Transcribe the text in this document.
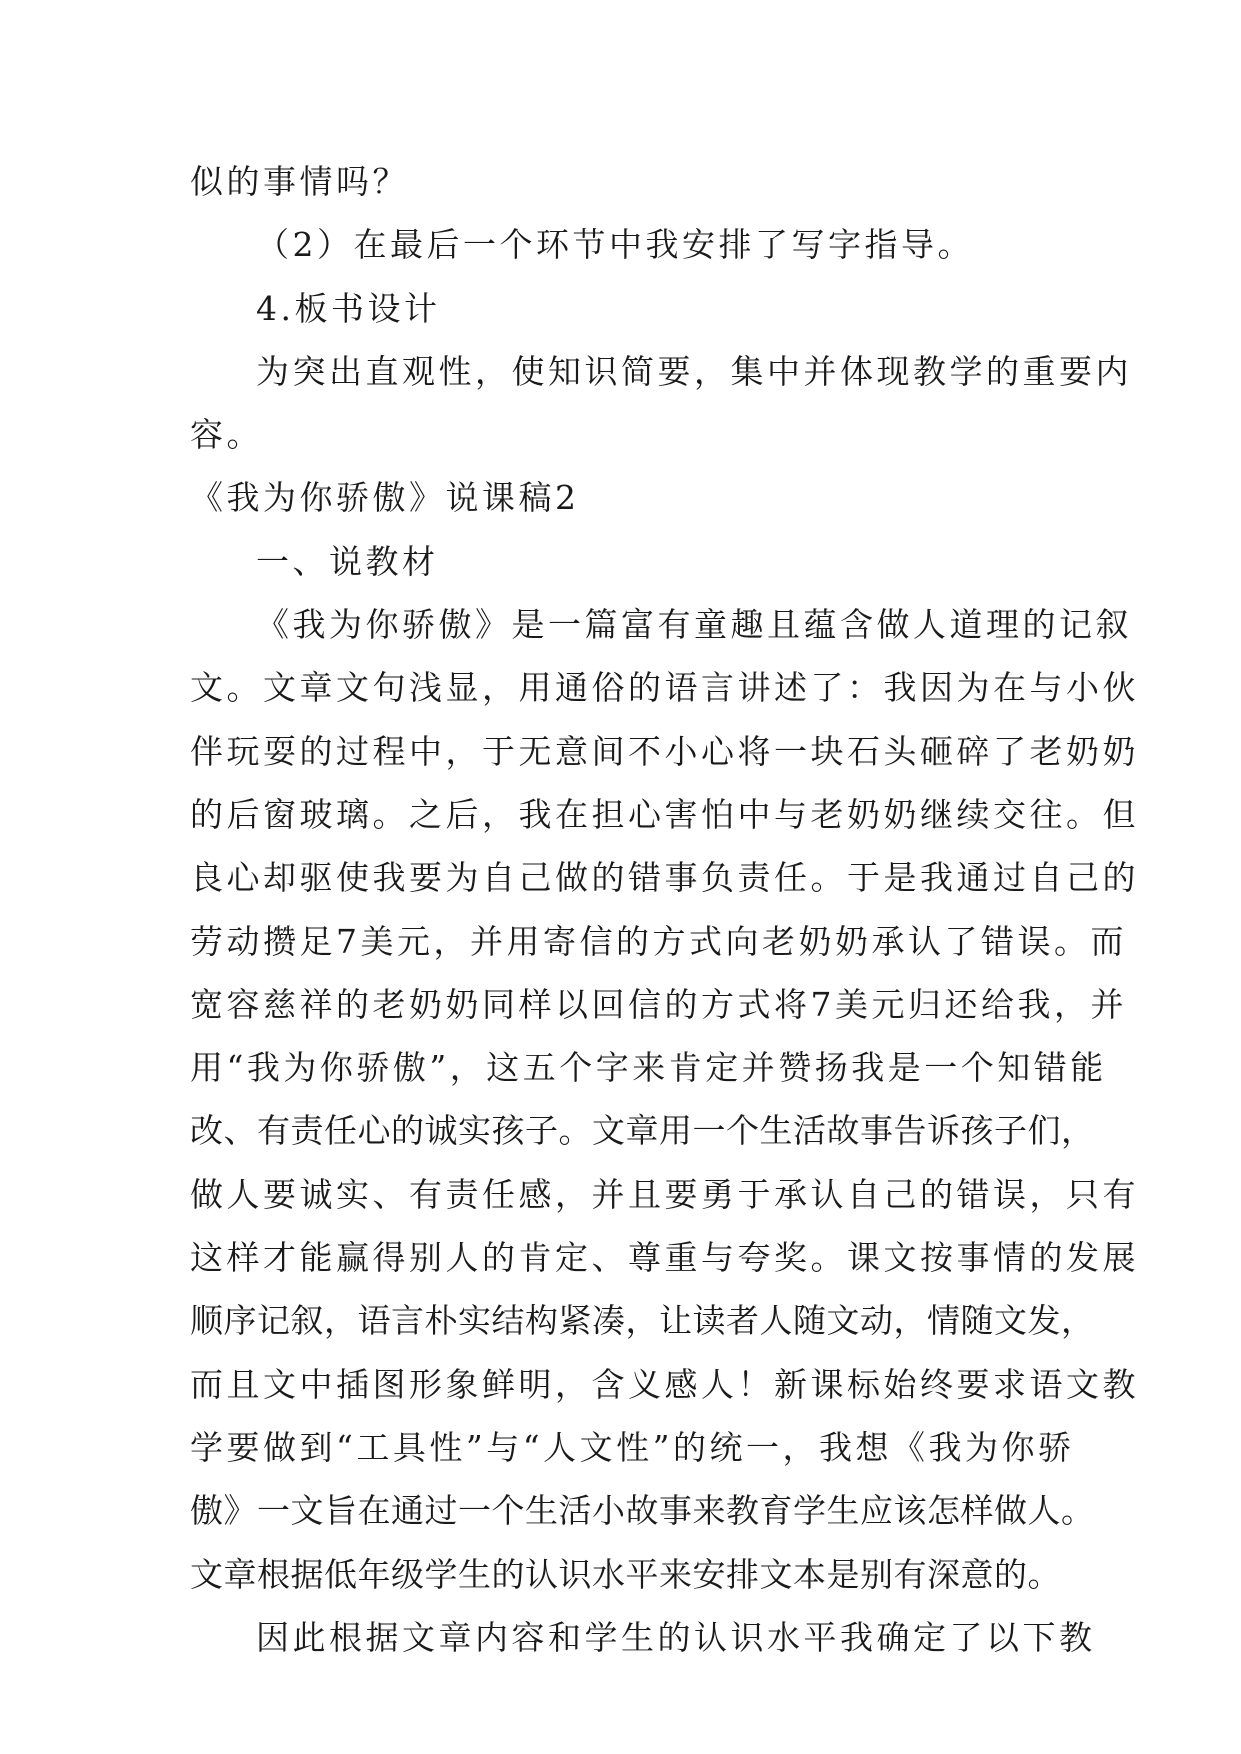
似的事情吗？
（2）在最后一个环节中我安排了写字指导。
4.板书设计
为突出直观性，使知识简要，集中并体现教学的重要内
容。
《我为你骄傲》说课稿2
一、说教材
《我为你骄傲》是一篇富有童趣且蕴含做人道理的记叙
文。文章文句浅显，用通俗的语言讲述了：我因为在与小伙
伴玩耍的过程中，于无意间不小心将一块石头砸碎了老奶奶
的后窗玻璃。之后，我在担心害怕中与老奶奶继续交往。但
良心却驱使我要为自己做的错事负责任。于是我通过自己的
劳动攒足7美元，并用寄信的方式向老奶奶承认了错误。而
宽容慈祥的老奶奶同样以回信的方式将7美元归还给我，并
用“我为你骄傲”，这五个字来肯定并赞扬我是一个知错能
改、有责任心的诚实孩子。文章用一个生活故事告诉孩子们，
做人要诚实、有责任感，并且要勇于承认自己的错误，只有
这样才能赢得别人的肯定、尊重与夸奖。课文按事情的发展
顺序记叙，语言朴实结构紧凑，让读者人随文动，情随文发，
而且文中插图形象鲜明，含义感人！新课标始终要求语文教
学要做到“工具性”与“人文性”的统一，我想《我为你骄
傲》一文旨在通过一个生活小故事来教育学生应该怎样做人。
文章根据低年级学生的认识水平来安排文本是别有深意的。
因此根据文章内容和学生的认识水平我确定了以下教
